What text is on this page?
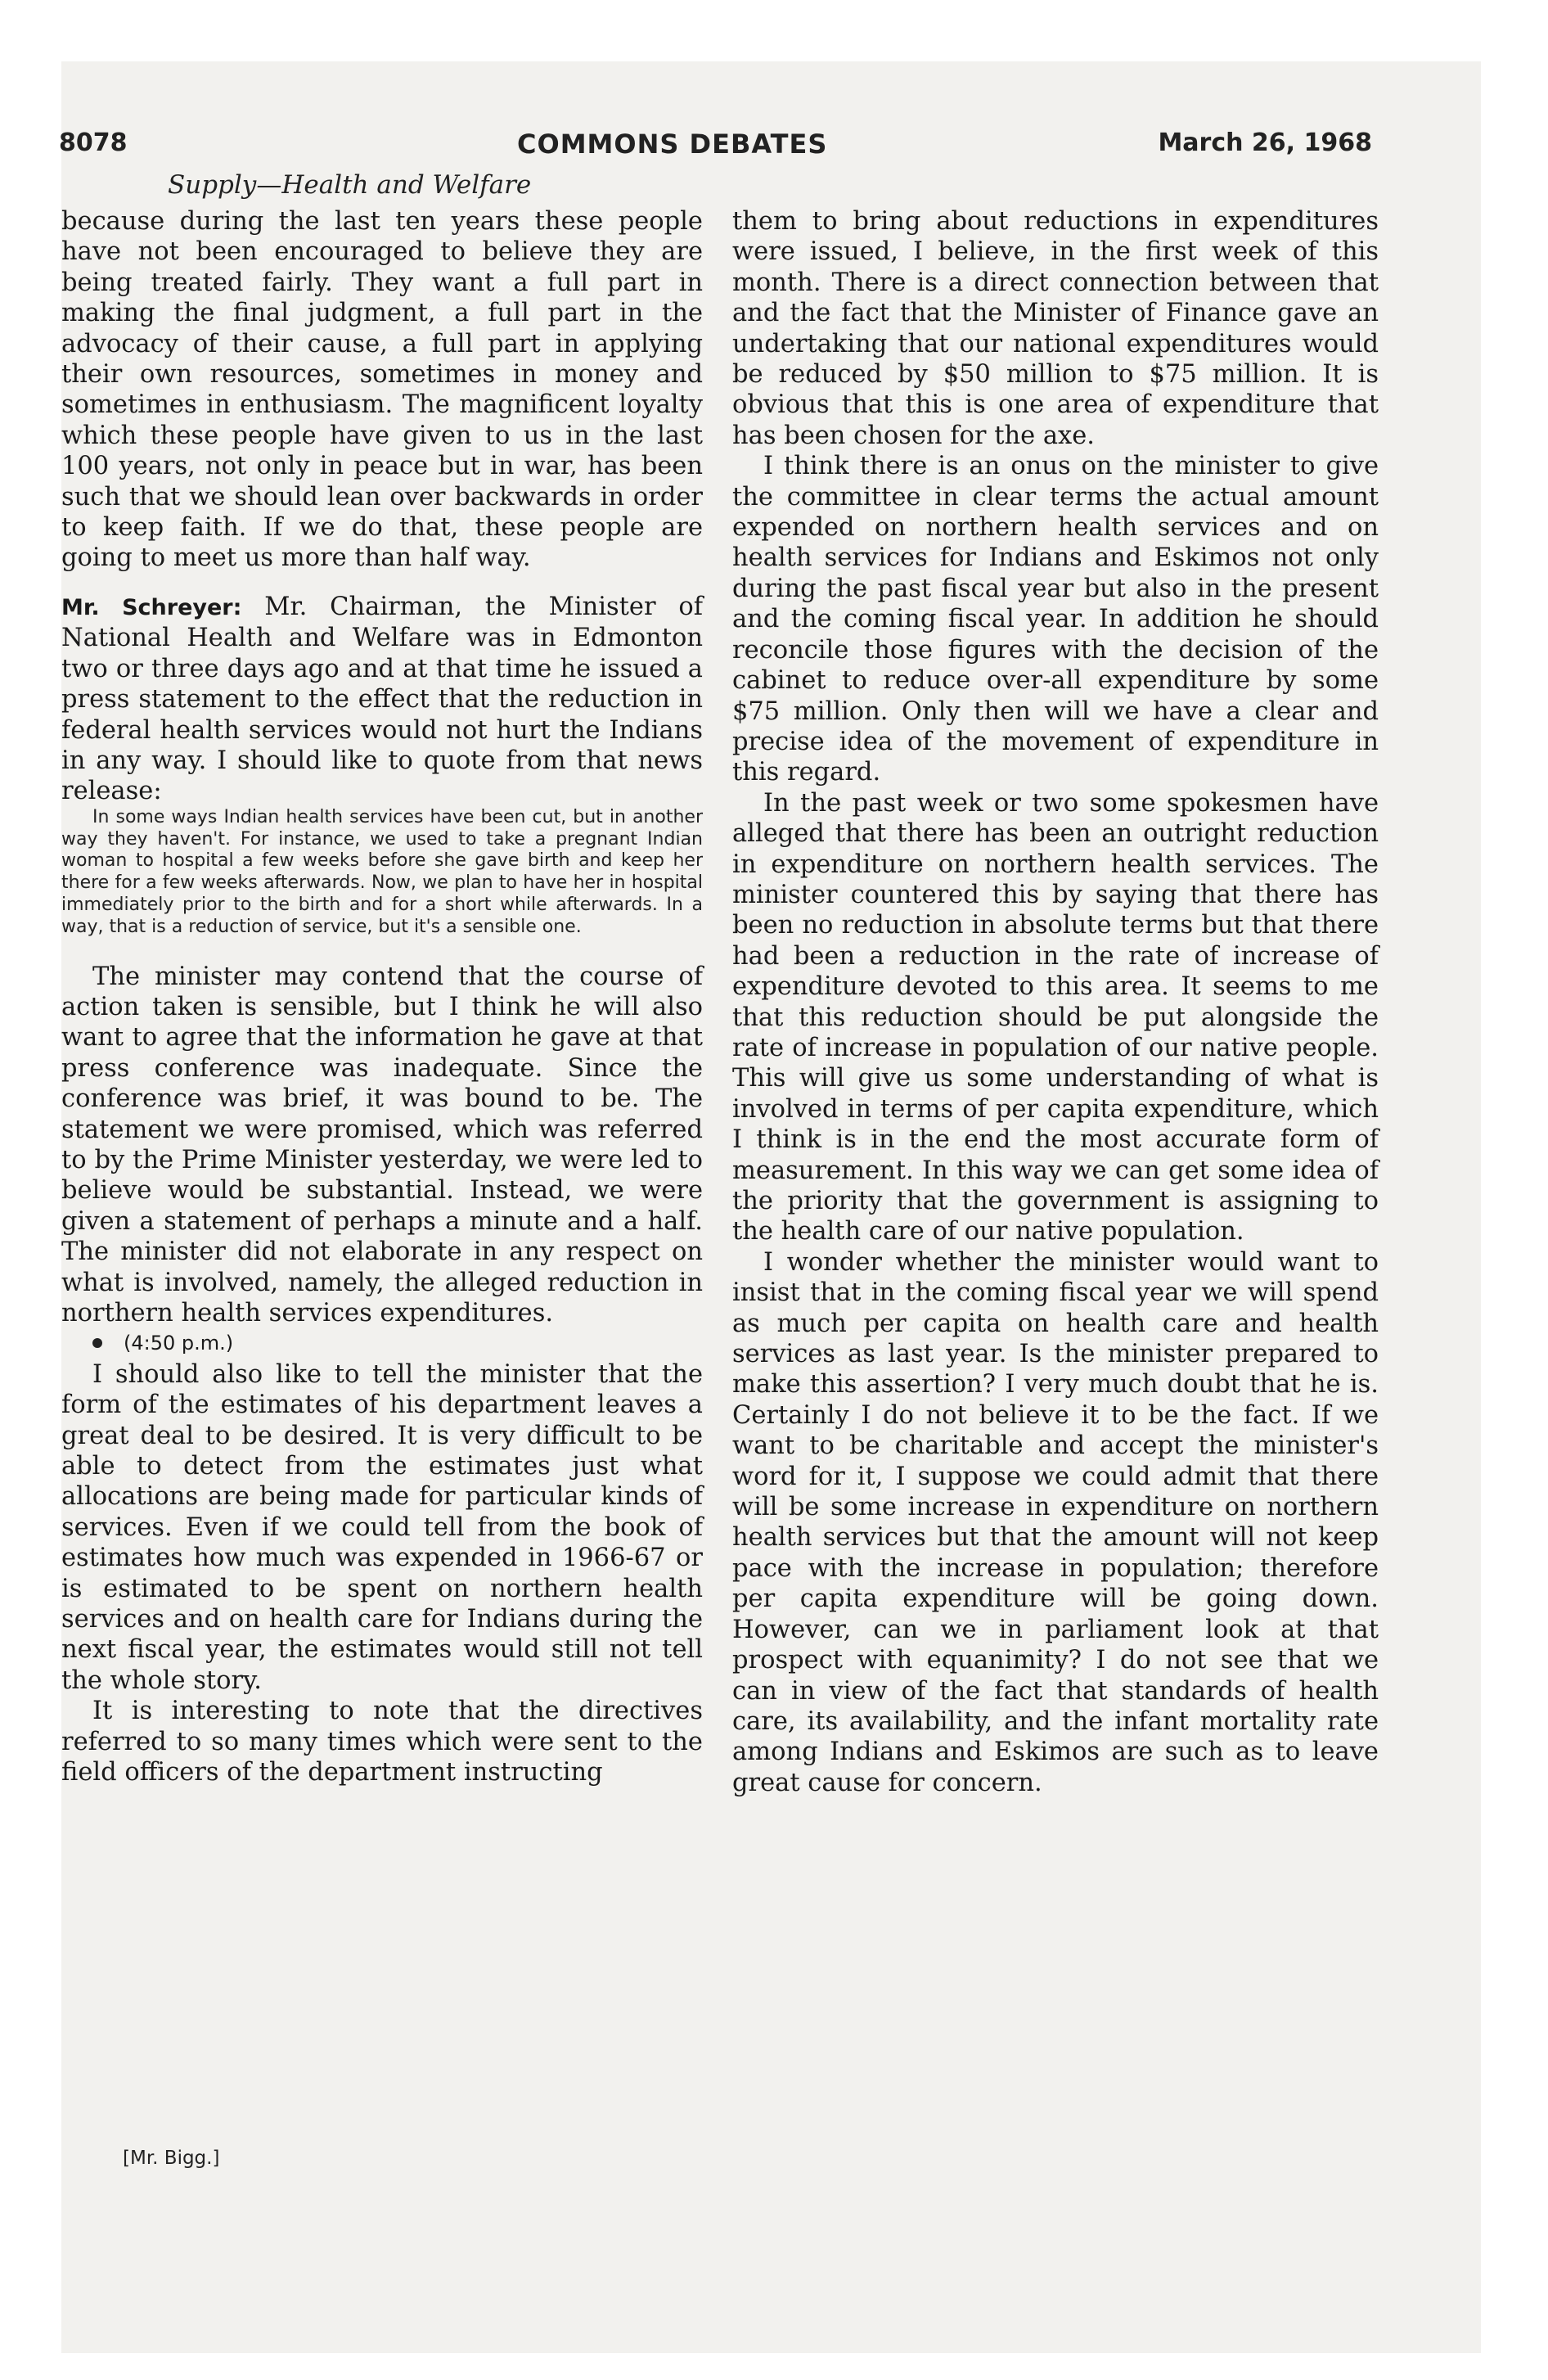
8078	COMMONS DEBATES	March 26, 1968
Supply—Health and Welfare

because during the last ten years these people have not been encouraged to believe they are being treated fairly. They want a full part in making the final judgment, a full part in the advocacy of their cause, a full part in applying their own resources, sometimes in money and sometimes in enthusiasm. The magnificent loyalty which these people have given to us in the last 100 years, not only in peace but in war, has been such that we should lean over backwards in order to keep faith. If we do that, these people are going to meet us more than half way.

Mr. Schreyer: Mr. Chairman, the Minister of National Health and Welfare was in Edmonton two or three days ago and at that time he issued a press statement to the effect that the reduction in federal health services would not hurt the Indians in any way. I should like to quote from that news release:

In some ways Indian health services have been cut, but in another way they haven't. For instance, we used to take a pregnant Indian woman to hospital a few weeks before she gave birth and keep her there for a few weeks afterwards. Now, we plan to have her in hospital immediately prior to the birth and for a short while afterwards. In a way, that is a reduction of service, but it's a sensible one.

The minister may contend that the course of action taken is sensible, but I think he will also want to agree that the information he gave at that press conference was inadequate. Since the conference was brief, it was bound to be. The statement we were promised, which was referred to by the Prime Minister yesterday, we were led to believe would be substantial. Instead, we were given a statement of perhaps a minute and a half. The minister did not elaborate in any respect on what is involved, namely, the alleged reduction in northern health services expenditures.

(4:50 p.m.)

I should also like to tell the minister that the form of the estimates of his department leaves a great deal to be desired. It is very difficult to be able to detect from the estimates just what allocations are being made for particular kinds of services. Even if we could tell from the book of estimates how much was expended in 1966-67 or is estimated to be spent on northern health services and on health care for Indians during the next fiscal year, the estimates would still not tell the whole story.

It is interesting to note that the directives referred to so many times which were sent to the field officers of the department instructing

them to bring about reductions in expenditures were issued, I believe, in the first week of this month. There is a direct connection between that and the fact that the Minister of Finance gave an undertaking that our national expenditures would be reduced by $50 million to $75 million. It is obvious that this is one area of expenditure that has been chosen for the axe.

I think there is an onus on the minister to give the committee in clear terms the actual amount expended on northern health services and on health services for Indians and Eskimos not only during the past fiscal year but also in the present and the coming fiscal year. In addition he should reconcile those figures with the decision of the cabinet to reduce over-all expenditure by some $75 million. Only then will we have a clear and precise idea of the movement of expenditure in this regard.

In the past week or two some spokesmen have alleged that there has been an outright reduction in expenditure on northern health services. The minister countered this by saying that there has been no reduction in absolute terms but that there had been a reduction in the rate of increase of expenditure devoted to this area. It seems to me that this reduction should be put alongside the rate of increase in population of our native people. This will give us some understanding of what is involved in terms of per capita expenditure, which I think is in the end the most accurate form of measurement. In this way we can get some idea of the priority that the government is assigning to the health care of our native population.

I wonder whether the minister would want to insist that in the coming fiscal year we will spend as much per capita on health care and health services as last year. Is the minister prepared to make this assertion? I very much doubt that he is. Certainly I do not believe it to be the fact. If we want to be charitable and accept the minister's word for it, I suppose we could admit that there will be some increase in expenditure on northern health services but that the amount will not keep pace with the increase in population; therefore per capita expenditure will be going down. However, can we in parliament look at that prospect with equanimity? I do not see that we can in view of the fact that standards of health care, its availability, and the infant mortality rate among Indians and Eskimos are such as to leave great cause for concern.

[Mr. Bigg.]
